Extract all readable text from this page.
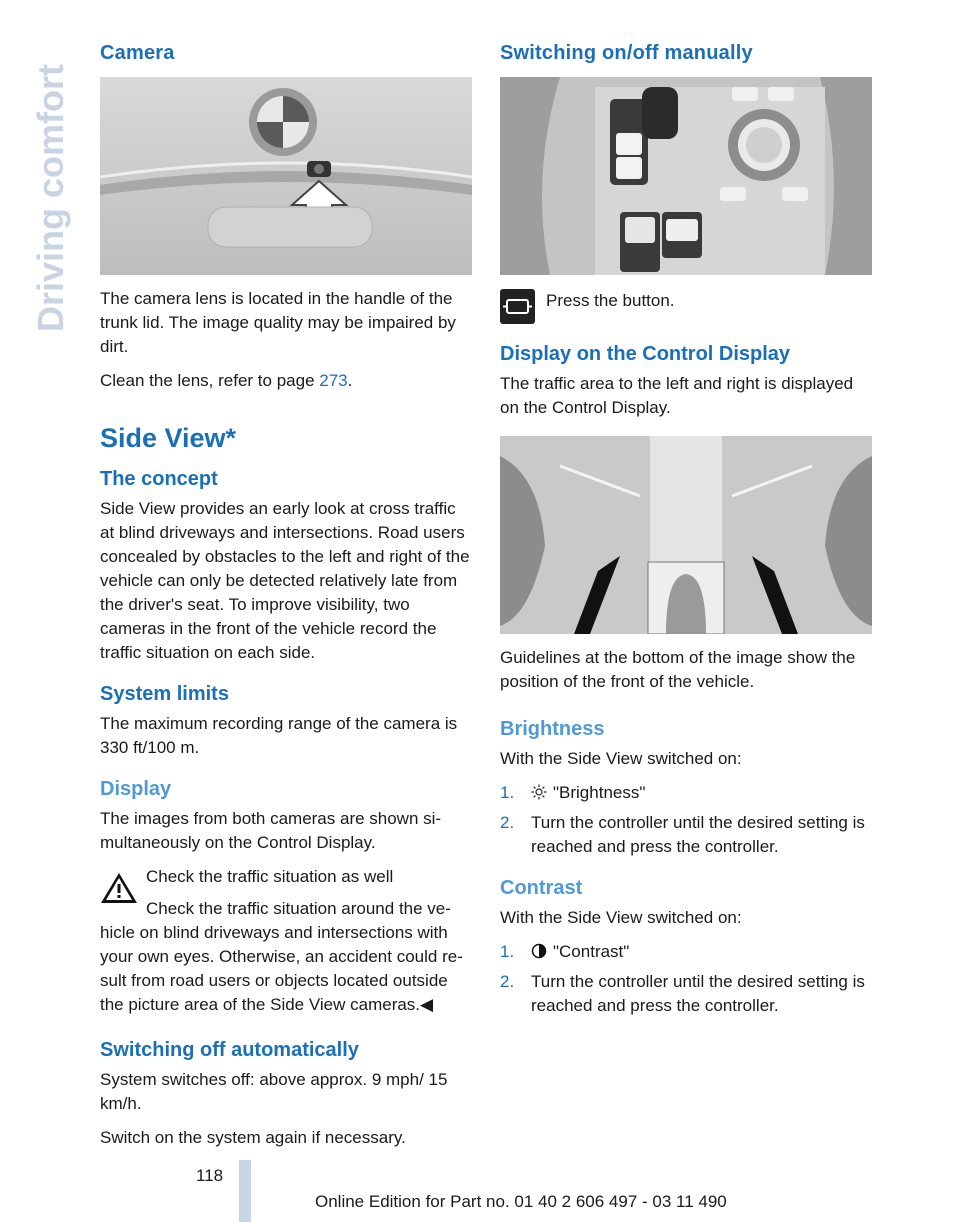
Driving comfort
Camera

The camera lens is located in the handle of the trunk lid. The image quality may be impaired by dirt.

Clean the lens, refer to page 273.

Side View*
The concept

Side View provides an early look at cross traffic at blind driveways and intersections. Road users concealed by obstacles to the left and right of the vehicle can only be detected relatively late from the driver's seat. To improve visibility, two cameras in the front of the vehicle record the traffic situation on each side.

System limits

The maximum recording range of the camera is 330 ft/100 m.

Display

The images from both cameras are shown simultaneously on the Control Display.

Check the traffic situation as well

Check the traffic situation around the vehicle on blind driveways and intersections with your own eyes. Otherwise, an accident could result from road users or objects located outside the picture area of the Side View cameras.◀

Switching off automatically

System switches off: above approx. 9 mph/ 15 km/h.

Switch on the system again if necessary.

Switching on/off manually

Press the button.

Display on the Control Display

The traffic area to the left and right is displayed on the Control Display.

Guidelines at the bottom of the image show the position of the front of the vehicle.

Brightness

With the Side View switched on:

1. "Brightness"
2. Turn the controller until the desired setting is reached and press the controller.
Contrast

With the Side View switched on:

1. "Contrast"
2. Turn the controller until the desired setting is reached and press the controller.
118
Online Edition for Part no. 01 40 2 606 497 - 03 11 490
